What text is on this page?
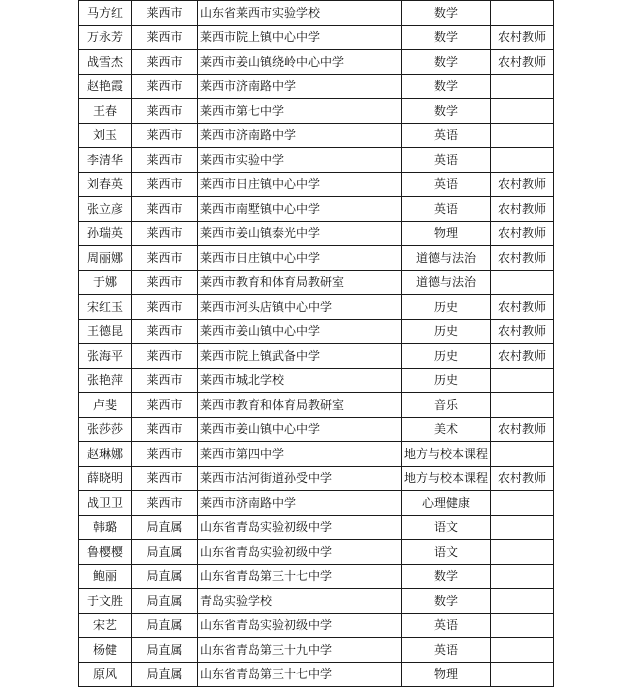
马方红	莱西市	山东省莱西市实验学校	数学	
万永芳	莱西市	莱西市院上镇中心中学	数学	农村教师
战雪杰	莱西市	莱西市姜山镇绕岭中心中学	数学	农村教师
赵艳霞	莱西市	莱西市济南路中学	数学	
王春	莱西市	莱西市第七中学	数学	
刘玉	莱西市	莱西市济南路中学	英语	
李清华	莱西市	莱西市实验中学	英语	
刘春英	莱西市	莱西市日庄镇中心中学	英语	农村教师
张立彦	莱西市	莱西市南墅镇中心中学	英语	农村教师
孙瑞英	莱西市	莱西市姜山镇泰光中学	物理	农村教师
周丽娜	莱西市	莱西市日庄镇中心中学	道德与法治	农村教师
于娜	莱西市	莱西市教育和体育局教研室	道德与法治	
宋红玉	莱西市	莱西市河头店镇中心中学	历史	农村教师
王德昆	莱西市	莱西市姜山镇中心中学	历史	农村教师
张海平	莱西市	莱西市院上镇武备中学	历史	农村教师
张艳萍	莱西市	莱西市城北学校	历史	
卢斐	莱西市	莱西市教育和体育局教研室	音乐	
张莎莎	莱西市	莱西市姜山镇中心中学	美术	农村教师
赵琳娜	莱西市	莱西市第四中学	地方与校本课程	
薛晓明	莱西市	莱西市沽河街道孙受中学	地方与校本课程	农村教师
战卫卫	莱西市	莱西市济南路中学	心理健康	
韩璐	局直属	山东省青岛实验初级中学	语文	
鲁樱樱	局直属	山东省青岛实验初级中学	语文	
鲍丽	局直属	山东省青岛第三十七中学	数学	
于文胜	局直属	青岛实验学校	数学	
宋艺	局直属	山东省青岛实验初级中学	英语	
杨健	局直属	山东省青岛第三十九中学	英语	
原风	局直属	山东省青岛第三十七中学	物理	
